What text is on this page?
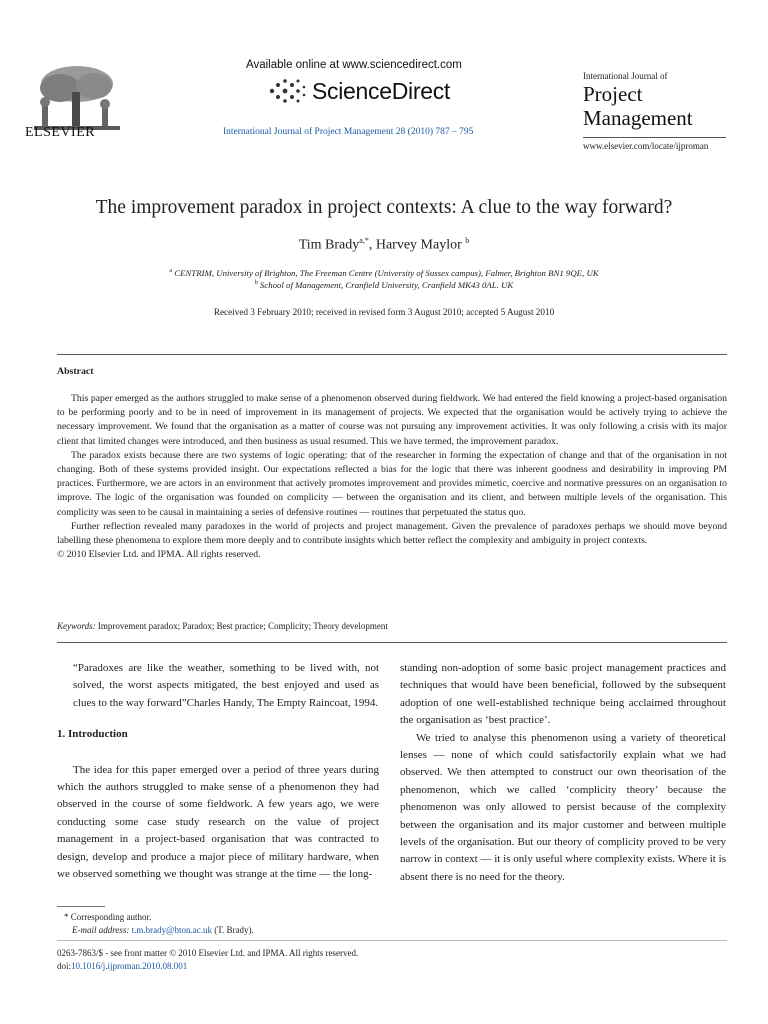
ELSEVIER
Available online at www.sciencedirect.com
ScienceDirect
International Journal of Project Management 28 (2010) 787 – 795
International Journal of
Project
Management
www.elsevier.com/locate/ijproman
The improvement paradox in project contexts: A clue to the way forward?
Tim Brady$^{a,*}$, Harvey Maylor $^b$
$^a$ CENTRIM, University of Brighton, The Freeman Centre (University of Sussex campus), Falmer, Brighton BN1 9QE, UK
$^b$ School of Management, Cranfield University, Cranfield MK43 0AL. UK
Received 3 February 2010; received in revised form 3 August 2010; accepted 5 August 2010
Abstract

This paper emerged as the authors struggled to make sense of a phenomenon observed during fieldwork. We had entered the field knowing a project-based organisation to be performing poorly and to be in need of improvement in its management of projects. We expected that the organisation would be actively trying to achieve the necessary improvement. We found that the organisation as a matter of course was not pursuing any improvement activities. It was only following a crisis with its major client that limited changes were introduced, and then business as usual resumed. This we have termed, the improvement paradox.

The paradox exists because there are two systems of logic operating: that of the researcher in forming the expectation of change and that of the organisation in not changing. Both of these systems provided insight. Our expectations reflected a bias for the logic that there was inherent goodness and desirability in improving PM practices. Furthermore, we are actors in an environment that actively promotes improvement and provides mimetic, coercive and normative pressures on an organisation to improve. The logic of the organisation was founded on complicity — between the organisation and its client, and between multiple levels of the organisation. This complicity was seen to be causal in maintaining a series of defensive routines — routines that perpetuated the status quo.

Further reflection revealed many paradoxes in the world of projects and project management. Given the prevalence of paradoxes perhaps we should move beyond labelling these phenomena to explore them more deeply and to contribute insights which better reflect the complexity and ambiguity in project contexts.

© 2010 Elsevier Ltd. and IPMA. All rights reserved.

Keywords: Improvement paradox; Paradox; Best practice; Complicity; Theory development

“Paradoxes are like the weather, something to be lived with, not solved, the worst aspects mitigated, the best enjoyed and used as clues to the way forward”Charles Handy, The Empty Raincoat, 1994.

1. Introduction

The idea for this paper emerged over a period of three years during which the authors struggled to make sense of a phenomenon they had observed in the course of some fieldwork. A few years ago, we were conducting some case study research on the value of project management in a project-based organisation that was contracted to design, develop and produce a major piece of military hardware, when we observed something we thought was strange at the time — the long-

standing non-adoption of some basic project management practices and techniques that would have been beneficial, followed by the subsequent adoption of one well-established technique being acclaimed throughout the organisation as ‘best practice’.

We tried to analyse this phenomenon using a variety of theoretical lenses — none of which could satisfactorily explain what we had observed. We then attempted to construct our own theorisation of the phenomenon, which we called ‘complicity theory’ because the phenomenon was only allowed to persist because of the complexity between the organisation and its major customer and between multiple levels of the organisation. But our theory of complicity proved to be very narrow in context — it is only useful where complexity exists. Where it is absent there is no need for the theory.

* Corresponding author.
E-mail address: t.m.brady@bton.ac.uk (T. Brady).
0263-7863/$ - see front matter © 2010 Elsevier Ltd. and IPMA. All rights reserved.
doi:10.1016/j.ijproman.2010.08.001
